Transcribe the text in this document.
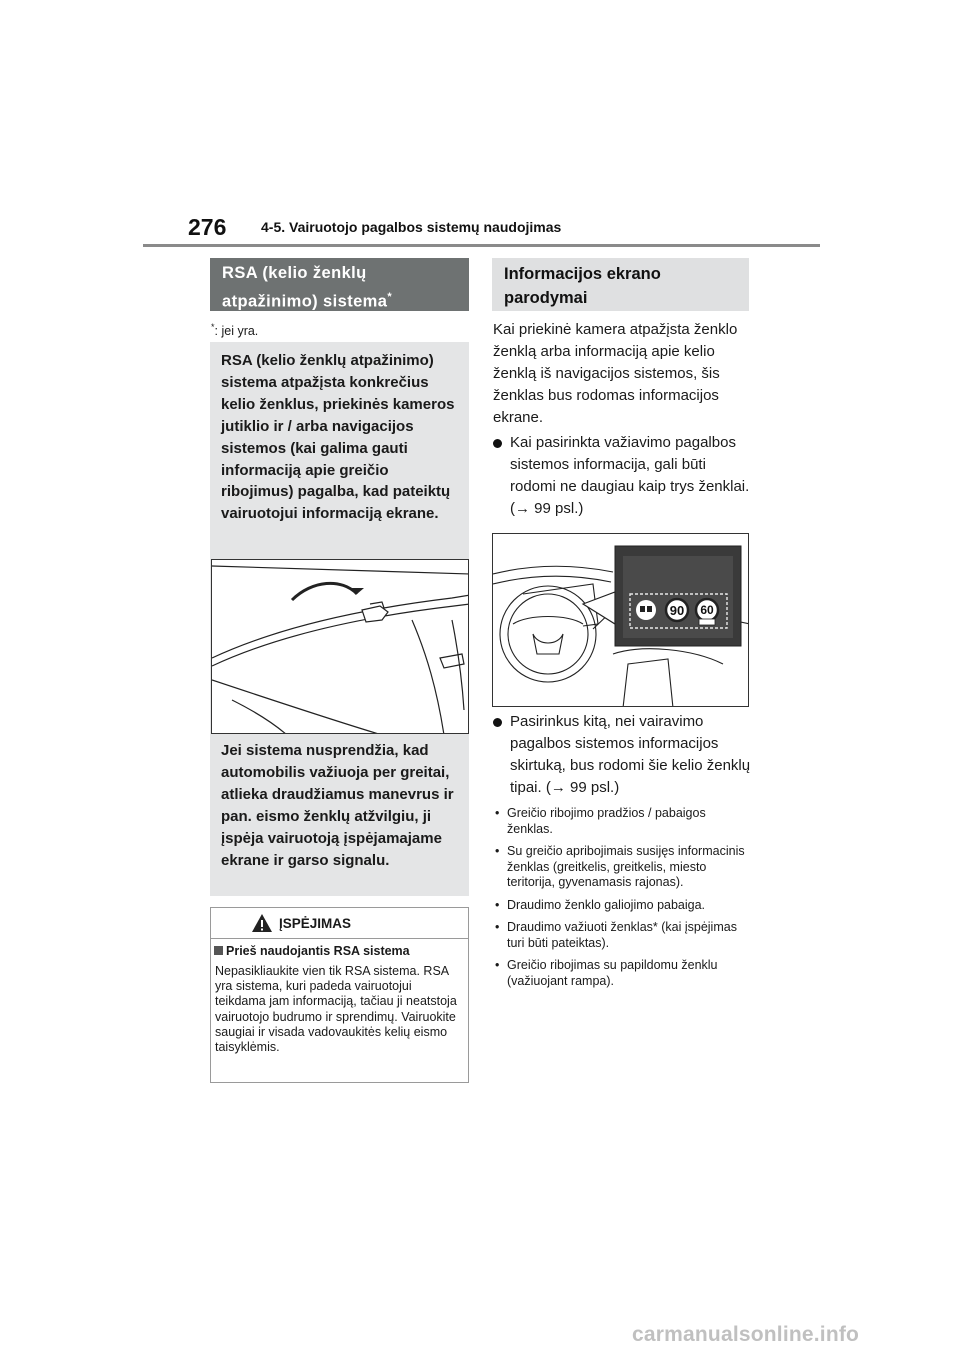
276 4-5. Vairuotojo pagalbos sistemų naudojimas
RSA (kelio ženklų atpažinimo) sistema*
*: jei yra.
RSA (kelio ženklų atpažinimo) sistema atpažįsta konkrečius kelio ženklus, priekinės kameros jutiklio ir / arba navigacijos sistemos (kai galima gauti informaciją apie greičio ribojimus) pagalba, kad pateiktų vairuotojui informaciją ekrane.
Jei sistema nusprendžia, kad automobilis važiuoja per greitai, atlieka draudžiamus manevrus ir pan. eismo ženklų atžvilgiu, ji įspėja vairuotoją įspėjamajame ekrane ir garso signalu.
ĮSPĖJIMAS
Prieš naudojantis RSA sistema
Nepasikliaukite vien tik RSA sistema. RSA yra sistema, kuri padeda vairuotojui teikdama jam informaciją, tačiau ji neatstoja vairuotojo budrumo ir sprendimų. Vairuokite saugiai ir visada vadovaukitės kelių eismo taisyklėmis.
Informacijos ekrano parodymai
Kai priekinė kamera atpažįsta ženklo ženklą arba informaciją apie kelio ženklą iš navigacijos sistemos, šis ženklas bus rodomas informacijos ekrane.
Kai pasirinkta važiavimo pagalbos sistemos informacija, gali būti rodomi ne daugiau kaip trys ženklai. (→ 99 psl.)
90 60
Pasirinkus kitą, nei vairavimo pagalbos sistemos informacijos skirtuką, bus rodomi šie kelio ženklų tipai. (→ 99 psl.)
• Greičio ribojimo pradžios / pabaigos ženklas.
• Su greičio apribojimais susijęs informacinis ženklas (greitkelis, greitkelis, miesto teritorija, gyvenamasis rajonas).
• Draudimo ženklo galiojimo pabaiga.
• Draudimo važiuoti ženklas* (kai įspėjimas turi būti pateiktas).
• Greičio ribojimas su papildomu ženklu (važiuojant rampa).
carmanualsonline.info
